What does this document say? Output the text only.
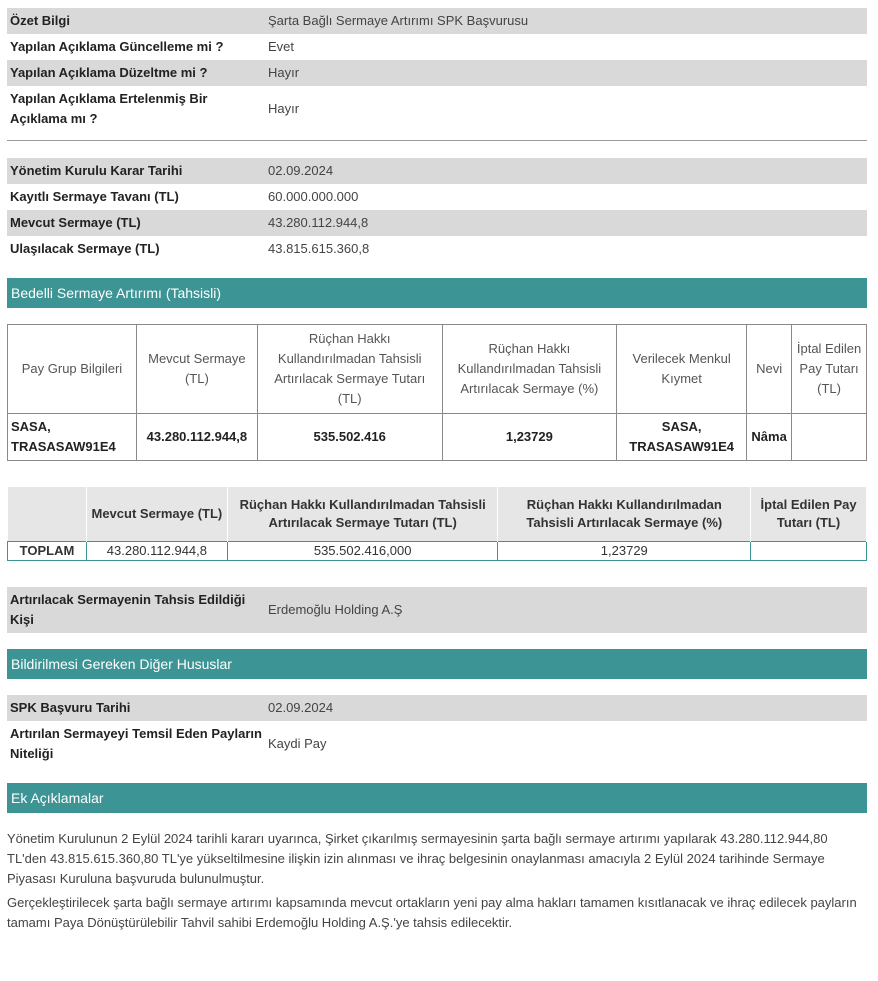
Özet Bilgi	Şarta Bağlı Sermaye Artırımı SPK Başvurusu
Yapılan Açıklama Güncelleme mi ?	Evet
Yapılan Açıklama Düzeltme mi ?	Hayır
Yapılan Açıklama Ertelenmiş Bir Açıklama mı ?	Hayır
Yönetim Kurulu Karar Tarihi	02.09.2024
Kayıtlı Sermaye Tavanı (TL)	60.000.000.000
Mevcut Sermaye (TL)	43.280.112.944,8
Ulaşılacak Sermaye (TL)	43.815.615.360,8
Bedelli Sermaye Artırımı (Tahsisli)
Pay Grup Bilgileri	Mevcut Sermaye (TL)	Rüçhan Hakkı Kullandırılmadan Tahsisli Artırılacak Sermaye Tutarı (TL)	Rüçhan Hakkı Kullandırılmadan Tahsisli Artırılacak Sermaye (%)	Verilecek Menkul Kıymet	Nevi	İptal Edilen Pay Tutarı (TL)
SASA, TRASASAW91E4	43.280.112.944,8	535.502.416	1,23729	SASA, TRASASAW91E4	Nâma	
	Mevcut Sermaye (TL)	Rüçhan Hakkı Kullandırılmadan Tahsisli Artırılacak Sermaye Tutarı (TL)	Rüçhan Hakkı Kullandırılmadan Tahsisli Artırılacak Sermaye (%)	İptal Edilen Pay Tutarı (TL)
TOPLAM	43.280.112.944,8	535.502.416,000	1,23729	
Artırılacak Sermayenin Tahsis Edildiği Kişi	Erdemoğlu Holding A.Ş
Bildirilmesi Gereken Diğer Hususlar
SPK Başvuru Tarihi	02.09.2024
Artırılan Sermayeyi Temsil Eden Payların Niteliği	Kaydi Pay
Ek Açıklamalar

Yönetim Kurulunun 2 Eylül 2024 tarihli kararı uyarınca, Şirket çıkarılmış sermayesinin şarta bağlı sermaye artırımı yapılarak 43.280.112.944,80 TL'den 43.815.615.360,80 TL'ye yükseltilmesine ilişkin izin alınması ve ihraç belgesinin onaylanması amacıyla 2 Eylül 2024 tarihinde Sermaye Piyasası Kuruluna başvuruda bulunulmuştur.

Gerçekleştirilecek şarta bağlı sermaye artırımı kapsamında mevcut ortakların yeni pay alma hakları tamamen kısıtlanacak ve ihraç edilecek payların tamamı Paya Dönüştürülebilir Tahvil sahibi Erdemoğlu Holding A.Ş.'ye tahsis edilecektir.
